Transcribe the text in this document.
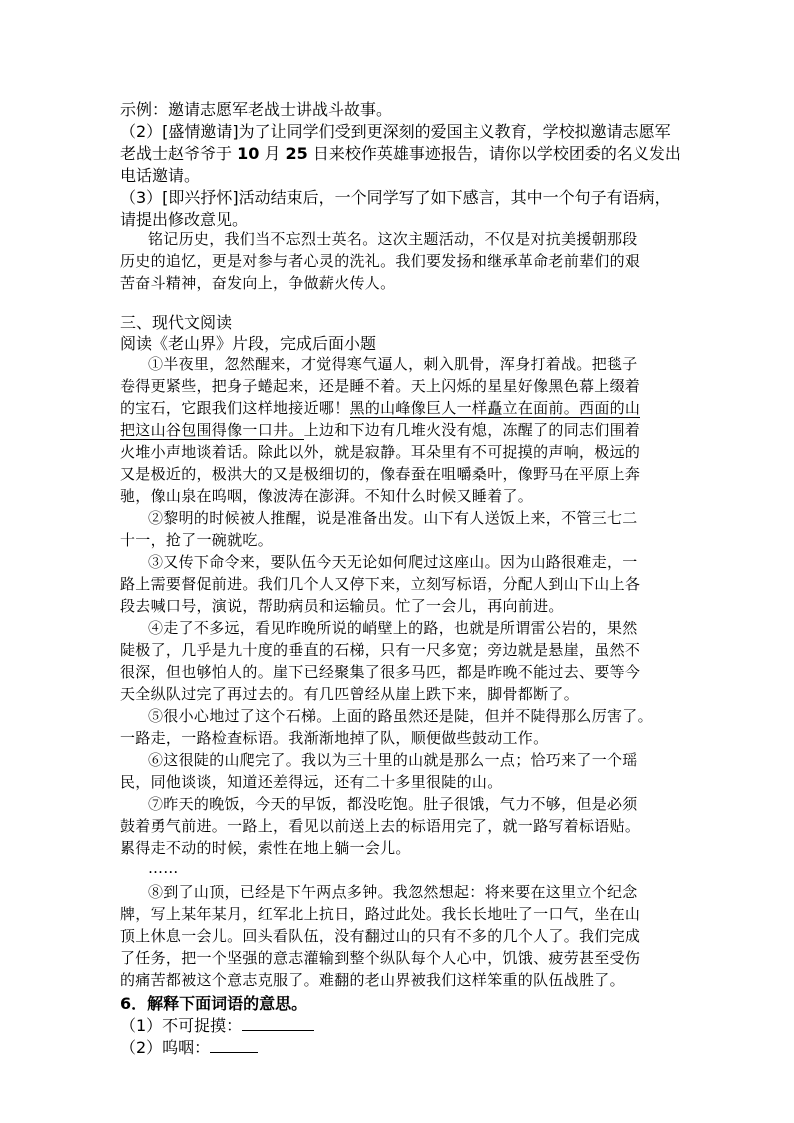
示例：邀请志愿军老战士讲战斗故事。
（2）[盛情邀请]为了让同学们受到更深刻的爱国主义教育，学校拟邀请志愿军
老战士赵爷爷于 10 月 25 日来校作英雄事迹报告，请你以学校团委的名义发出
电话邀请。
（3）[即兴抒怀]活动结束后，一个同学写了如下感言，其中一个句子有语病，
请提出修改意见。
铭记历史，我们当不忘烈士英名。这次主题活动，不仅是对抗美援朝那段
历史的追忆，更是对参与者心灵的洗礼。我们要发扬和继承革命老前辈们的艰
苦奋斗精神，奋发向上，争做薪火传人。
三、现代文阅读
阅读《老山界》片段，完成后面小题
①半夜里，忽然醒来，才觉得寒气逼人，刺入肌骨，浑身打着战。把毯子
卷得更紧些，把身子蜷起来，还是睡不着。天上闪烁的星星好像黑色幕上缀着
的宝石，它跟我们这样地接近哪！黑的山峰像巨人一样矗立在面前。西面的山
把这山谷包围得像一口井。上边和下边有几堆火没有熄，冻醒了的同志们围着
火堆小声地谈着话。除此以外，就是寂静。耳朵里有不可捉摸的声响，极远的
又是极近的，极洪大的又是极细切的，像春蚕在咀嚼桑叶，像野马在平原上奔
驰，像山泉在呜咽，像波涛在澎湃。不知什么时候又睡着了。
②黎明的时候被人推醒，说是准备出发。山下有人送饭上来，不管三七二
十一，抢了一碗就吃。
③又传下命令来，要队伍今天无论如何爬过这座山。因为山路很难走，一
路上需要督促前进。我们几个人又停下来，立刻写标语，分配人到山下山上各
段去喊口号，演说，帮助病员和运输员。忙了一会儿，再向前进。
④走了不多远，看见昨晚所说的峭壁上的路，也就是所谓雷公岩的，果然
陡极了，几乎是九十度的垂直的石梯，只有一尺多宽；旁边就是悬崖，虽然不
很深，但也够怕人的。崖下已经聚集了很多马匹，都是昨晚不能过去、要等今
天全纵队过完了再过去的。有几匹曾经从崖上跌下来，脚骨都断了。
⑤很小心地过了这个石梯。上面的路虽然还是陡，但并不陡得那么厉害了。
一路走，一路检查标语。我渐渐地掉了队，顺便做些鼓动工作。
⑥这很陡的山爬完了。我以为三十里的山就是那么一点；恰巧来了一个瑶
民，同他谈谈，知道还差得远，还有二十多里很陡的山。
⑦昨天的晚饭，今天的早饭，都没吃饱。肚子很饿，气力不够，但是必须
鼓着勇气前进。一路上，看见以前送上去的标语用完了，就一路写着标语贴。
累得走不动的时候，索性在地上躺一会儿。
……
⑧到了山顶，已经是下午两点多钟。我忽然想起：将来要在这里立个纪念
牌，写上某年某月，红军北上抗日，路过此处。我长长地吐了一口气，坐在山
顶上休息一会儿。回头看队伍，没有翻过山的只有不多的几个人了。我们完成
了任务，把一个坚强的意志灌输到整个纵队每个人心中，饥饿、疲劳甚至受伤
的痛苦都被这个意志克服了。难翻的老山界被我们这样笨重的队伍战胜了。
6．解释下面词语的意思。
（1）不可捉摸：
（2）呜咽：
